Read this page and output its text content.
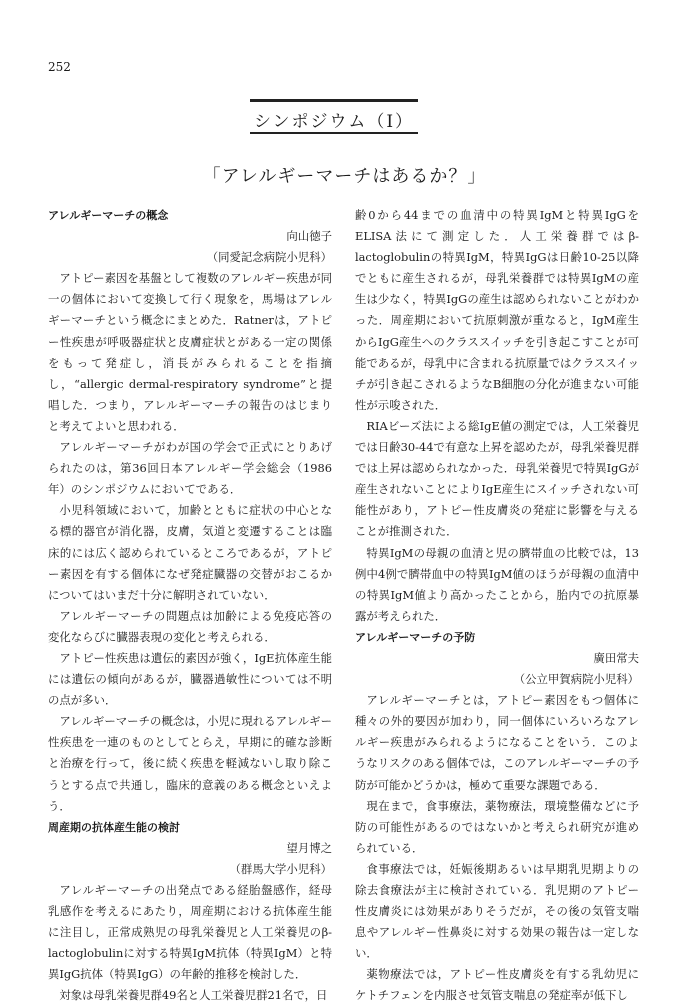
252
シンポジウム（I）
「アレルギーマーチはあるか？」
アレルギーマーチの概念
向山徳子
（同愛記念病院小児科）

アトピー素因を基盤として複数のアレルギー疾患が同一の個体において変換して行く現象を，馬場はアレルギーマーチという概念にまとめた．Ratnerは，アトピー性疾患が呼吸器症状と皮膚症状とがある一定の関係をもって発症し，消長がみられることを指摘し，“allergic dermal-respiratory syndrome”と提唱した．つまり，アレルギーマーチの報告のはじまりと考えてよいと思われる．

アレルギーマーチがわが国の学会で正式にとりあげられたのは，第36回日本アレルギー学会総会（1986年）のシンポジウムにおいてである．

小児科領域において，加齢とともに症状の中心となる標的器官が消化器，皮膚，気道と変遷することは臨床的には広く認められているところであるが，アトピー素因を有する個体になぜ発症臓器の交替がおこるかについてはいまだ十分に解明されていない．

アレルギーマーチの問題点は加齢による免疫応答の変化ならびに臓器表現の変化と考えられる．

アトピー性疾患は遺伝的素因が強く，IgE抗体産生能には遺伝の傾向があるが，臓器過敏性については不明の点が多い．

アレルギーマーチの概念は，小児に現れるアレルギー性疾患を一連のものとしてとらえ，早期に的確な診断と治療を行って，後に続く疾患を軽減ないし取り除こうとする点で共通し，臨床的意義のある概念といえよう．

周産期の抗体産生能の検討
望月博之
（群馬大学小児科）

アレルギーマーチの出発点である経胎盤感作，経母乳感作を考えるにあたり，周産期における抗体産生能に注目し，正常成熟児の母乳栄養児と人工栄養児のβ-lactoglobulinに対する特異IgM抗体（特異IgM）と特異IgG抗体（特異IgG）の年齢的推移を検討した．

対象は母乳栄養児群49名と人工栄養児群21名で，日

齢0から44までの血清中の特異IgMと特異IgGをELISA法にて測定した．人工栄養群ではβ-lactoglobulinの特異IgM，特異IgGは日齢10-25以降でともに産生されるが，母乳栄養群では特異IgMの産生は少なく，特異IgGの産生は認められないことがわかった．周産期において抗原刺激が重なると，IgM産生からIgG産生へのクラススイッチを引き起こすことが可能であるが，母乳中に含まれる抗原量ではクラススイッチが引き起こされるようなB細胞の分化が進まない可能性が示唆された．

RIAビーズ法による総IgE値の測定では，人工栄養児では日齢30-44で有意な上昇を認めたが，母乳栄養児群では上昇は認められなかった．母乳栄養児で特異IgGが産生されないことによりIgE産生にスイッチされない可能性があり，アトピー性皮膚炎の発症に影響を与えることが推測された．

特異IgMの母親の血清と児の臍帯血の比較では，13例中4例で臍帯血中の特異IgM値のほうが母親の血清中の特異IgM値より高かったことから，胎内での抗原暴露が考えられた．

アレルギーマーチの予防
廣田常夫
（公立甲賀病院小児科）

アレルギーマーチとは，アトピー素因をもつ個体に種々の外的要因が加わり，同一個体にいろいろなアレルギー疾患がみられるようになることをいう．このようなリスクのある個体では，このアレルギーマーチの予防が可能かどうかは，極めて重要な課題である．

現在まで，食事療法，薬物療法，環境整備などに予防の可能性があるのではないかと考えられ研究が進められている．

食事療法では，妊娠後期あるいは早期乳児期よりの除去食療法が主に検討されている．乳児期のアトピー性皮膚炎には効果がありそうだが，その後の気管支喘息やアレルギー性鼻炎に対する効果の報告は一定しない．

薬物療法では，アトピー性皮膚炎を有する乳幼児にケトチフェンを内服させ気管支喘息の発症率が低下し
